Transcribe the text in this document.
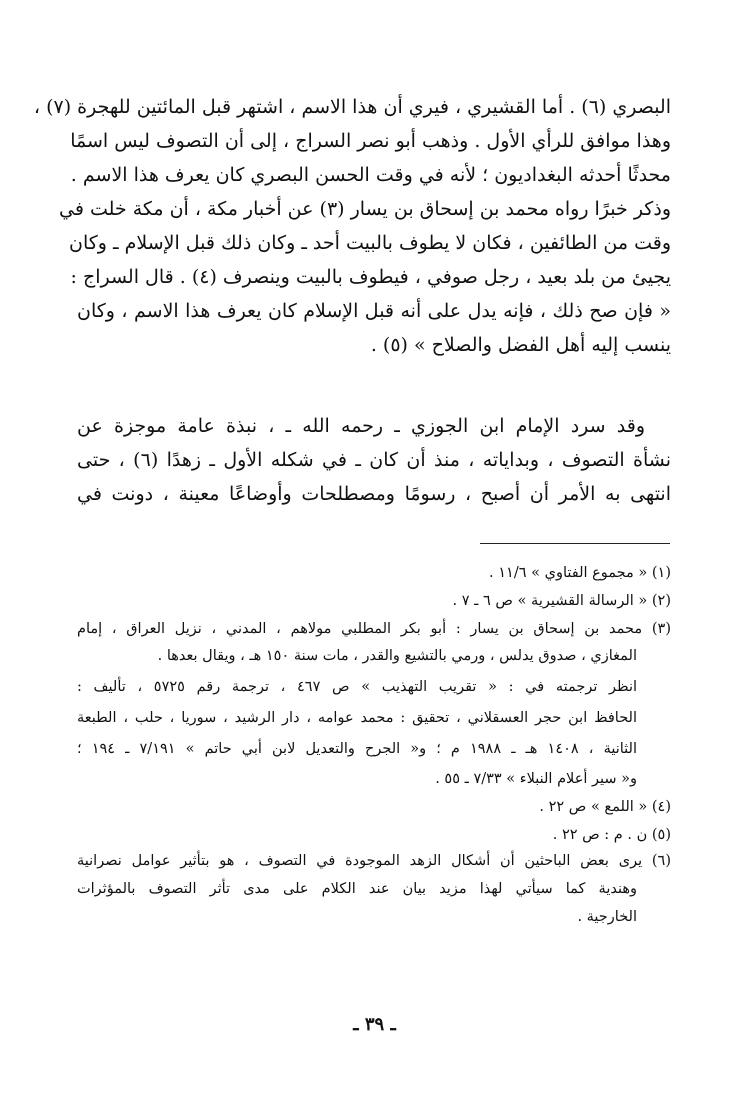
البصري (٦) . أما القشيري ، فيري أن هذا الاسم ، اشتهر قبل المائتين للهجرة (٧) ،
وهذا موافق للرأي الأول . وذهب أبو نصر السراج ، إلى أن التصوف ليس اسمًا
محدثًا أحدثه البغداديون ؛ لأنه في وقت الحسن البصري كان يعرف هذا الاسم .
وذكر خبرًا رواه محمد بن إسحاق بن يسار (٣) عن أخبار مكة ، أن مكة خلت في
وقت من الطائفين ، فكان لا يطوف بالبيت أحد ـ وكان ذلك قبل الإسلام ـ وكان
يجيئ من بلد بعيد ، رجل صوفي ، فيطوف بالبيت وينصرف (٤) . قال السراج :
« فإن صح ذلك ، فإنه يدل على أنه قبل الإسلام كان يعرف هذا الاسم ، وكان
ينسب إليه أهل الفضل والصلاح » (٥) .
وقد سرد الإمام ابن الجوزي ـ رحمه الله ـ ، نبذة عامة موجزة عن
نشأة التصوف ، وبداياته ، منذ أن كان ـ في شكله الأول ـ زهدًا (٦) ، حتى
انتهى به الأمر أن أصبح ، رسومًا ومصطلحات وأوضاعًا معينة ، دونت في
(١) « مجموع الفتاوي » ١١/٦ .
(٢) « الرسالة القشيرية » ص ٦ ـ ٧ .
(٣) محمد بن إسحاق بن يسار : أبو بكر المطلبي مولاهم ، المدني ، نزيل العراق ، إمام
المغازي ، صدوق يدلس ، ورمي بالتشيع والقدر ، مات سنة ١٥٠ هـ ، ويقال بعدها .
انظر ترجمته في : « تقريب التهذيب » ص ٤٦٧ ، ترجمة رقم ٥٧٢٥ ، تأليف :
الحافظ ابن حجر العسقلاني ، تحقيق : محمد عوامه ، دار الرشيد ، سوريا ، حلب ، الطبعة
الثانية ، ١٤٠٨ هـ ـ ١٩٨٨ م ؛ و« الجرح والتعديل لابن أبي حاتم » ٧/١٩١ ـ ١٩٤ ؛
و« سير أعلام النبلاء » ٧/٣٣ ـ ٥٥ .
(٤) « اللمع » ص ٢٢ .
(٥) ن . م : ص ٢٢ .
(٦) يرى بعض الباحثين أن أشكال الزهد الموجودة في التصوف ، هو بتأثير عوامل نصرانية
وهندية كما سيأتي لهذا مزيد بيان عند الكلام على مدى تأثر التصوف بالمؤثرات
الخارجية .
ـ ٣٩ ـ
